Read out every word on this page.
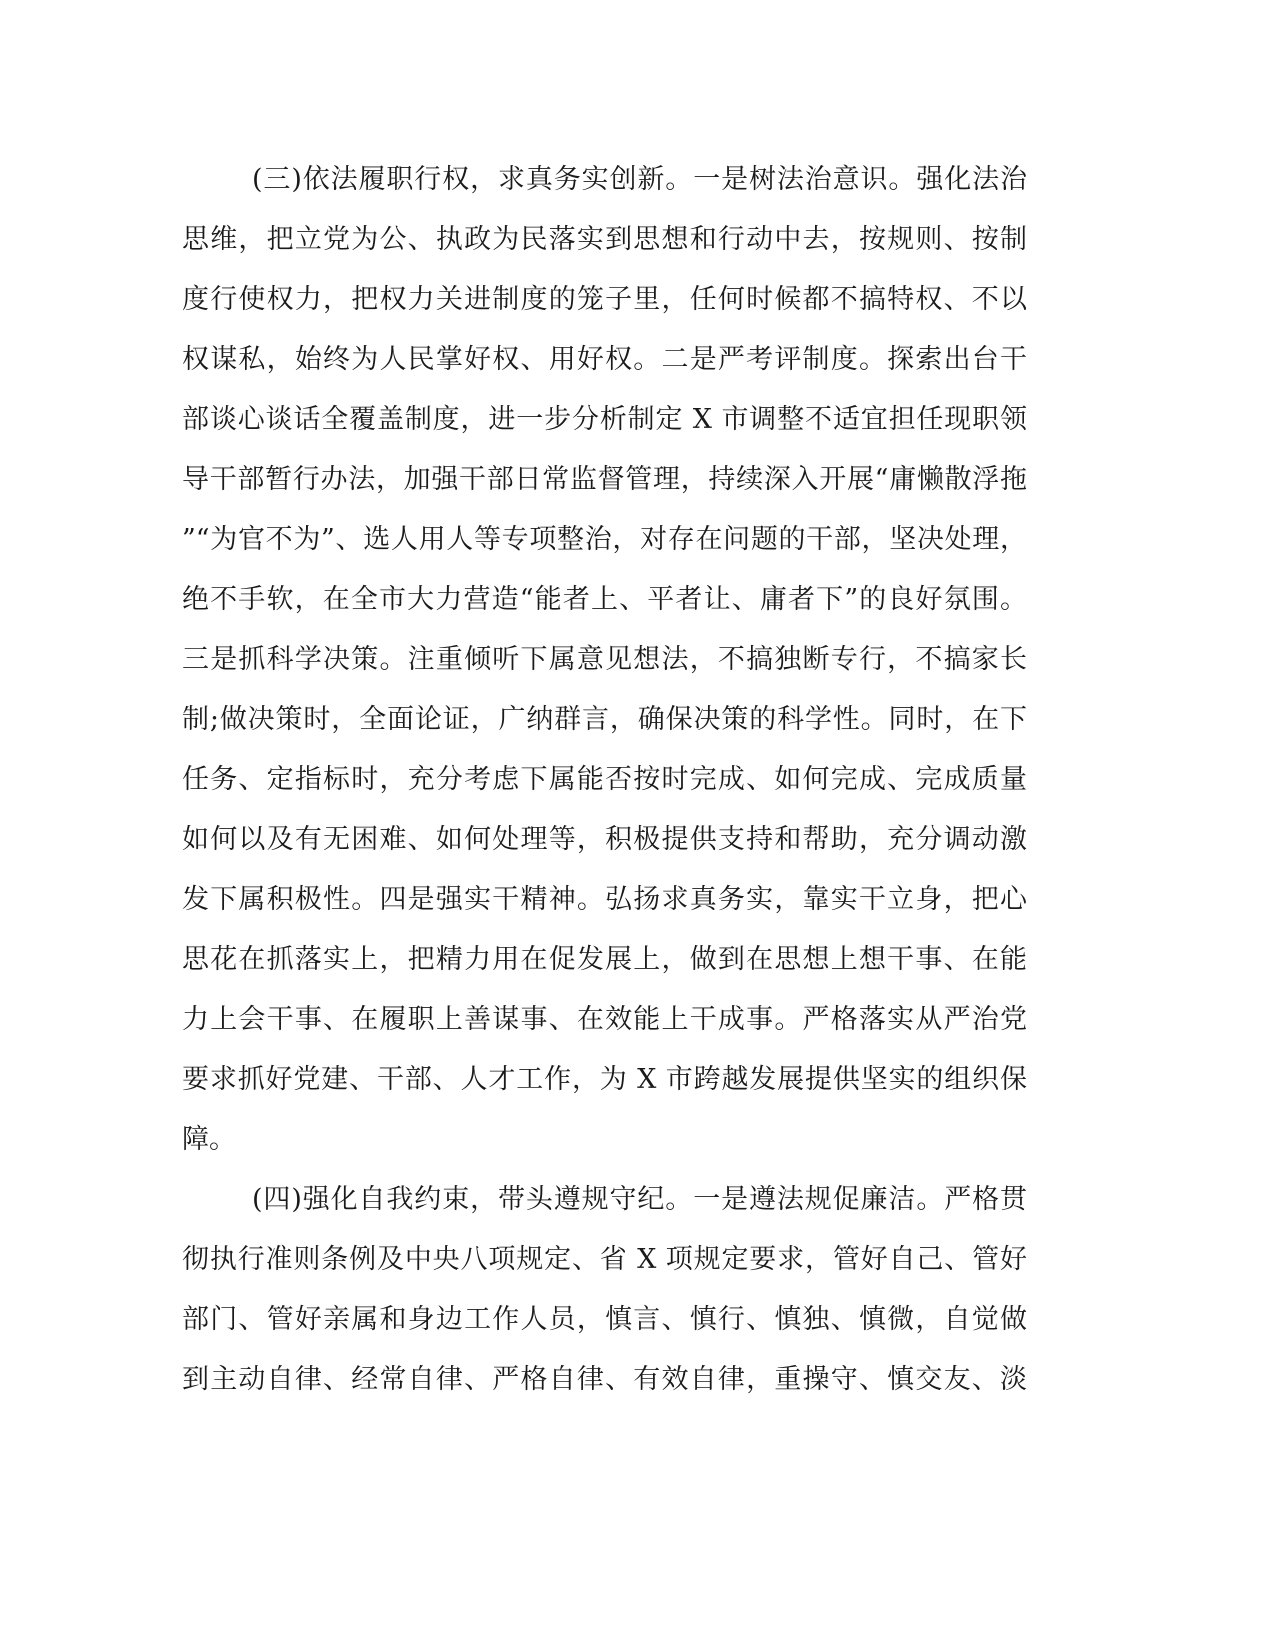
(三)依法履职行权，求真务实创新。一是树法治意识。强化法治
思维，把立党为公、执政为民落实到思想和行动中去，按规则、按制
度行使权力，把权力关进制度的笼子里，任何时候都不搞特权、不以
权谋私，始终为人民掌好权、用好权。二是严考评制度。探索出台干
部谈心谈话全覆盖制度，进一步分析制定 X 市调整不适宜担任现职领
导干部暂行办法，加强干部日常监督管理，持续深入开展“庸懒散浮拖
”“为官不为”、选人用人等专项整治，对存在问题的干部，坚决处理，
绝不手软，在全市大力营造“能者上、平者让、庸者下”的良好氛围。
三是抓科学决策。注重倾听下属意见想法，不搞独断专行，不搞家长
制;做决策时，全面论证，广纳群言，确保决策的科学性。同时，在下
任务、定指标时，充分考虑下属能否按时完成、如何完成、完成质量
如何以及有无困难、如何处理等，积极提供支持和帮助，充分调动激
发下属积极性。四是强实干精神。弘扬求真务实，靠实干立身，把心
思花在抓落实上，把精力用在促发展上，做到在思想上想干事、在能
力上会干事、在履职上善谋事、在效能上干成事。严格落实从严治党
要求抓好党建、干部、人才工作，为 X 市跨越发展提供坚实的组织保
障。
(四)强化自我约束，带头遵规守纪。一是遵法规促廉洁。严格贯
彻执行准则条例及中央八项规定、省 X 项规定要求，管好自己、管好
部门、管好亲属和身边工作人员，慎言、慎行、慎独、慎微，自觉做
到主动自律、经常自律、严格自律、有效自律，重操守、慎交友、淡
